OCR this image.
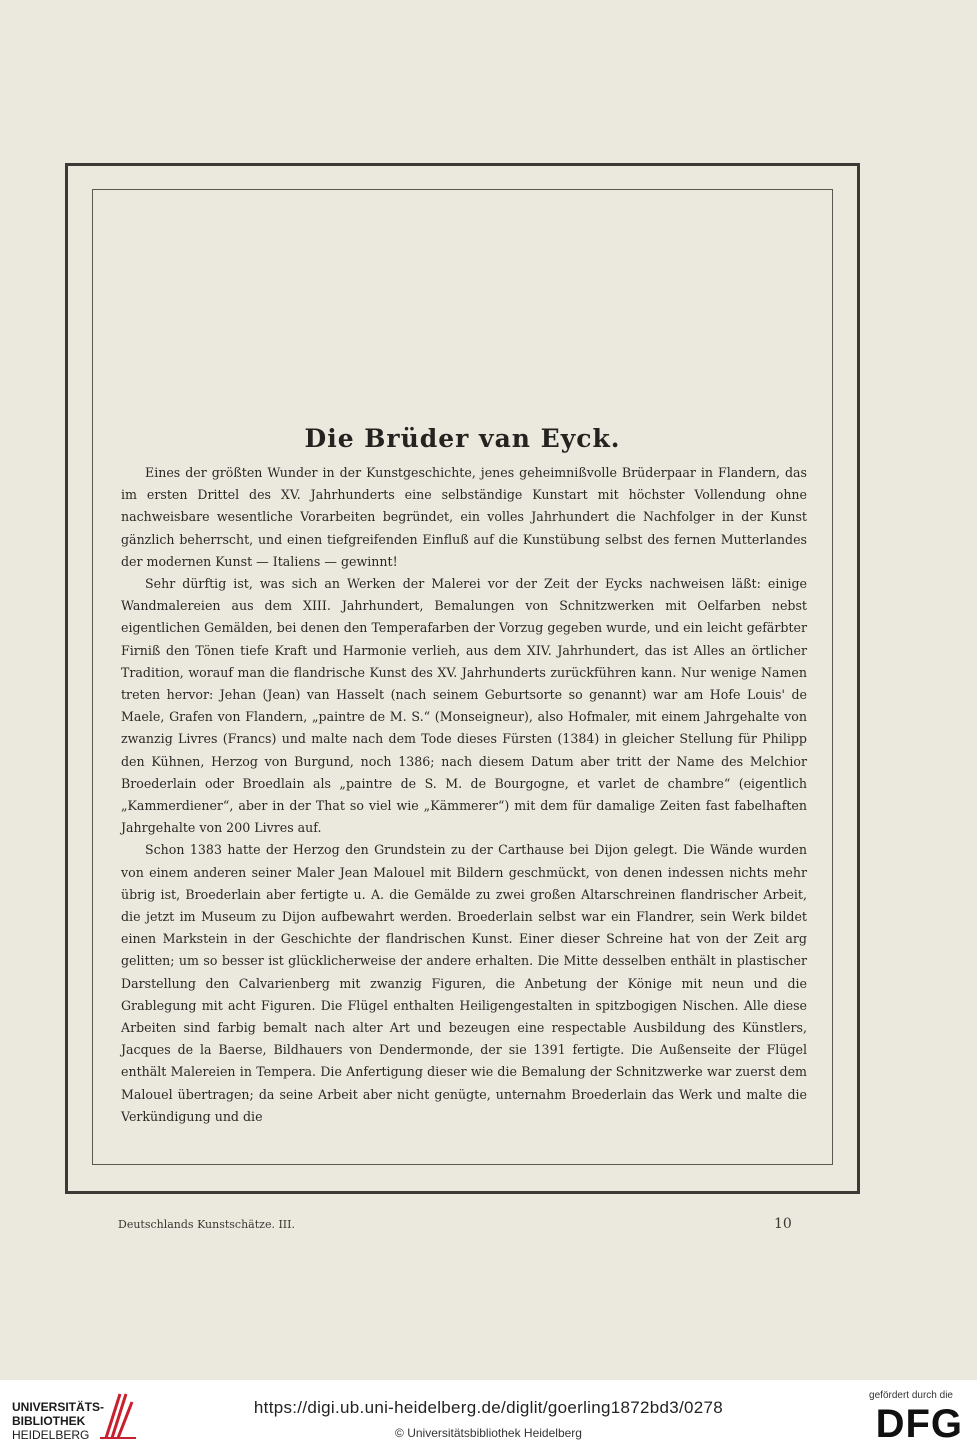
Die Brüder van Eyck.

Eines der größten Wunder in der Kunstgeschichte, jenes geheimnißvolle Brüderpaar in Flandern, das im ersten Drittel des XV. Jahrhunderts eine selbständige Kunstart mit höchster Vollendung ohne nachweisbare wesentliche Vorarbeiten begründet, ein volles Jahrhundert die Nachfolger in der Kunst gänzlich beherrscht, und einen tiefgreifenden Einfluß auf die Kunstübung selbst des fernen Mutterlandes der modernen Kunst — Italiens — gewinnt!

Sehr dürftig ist, was sich an Werken der Malerei vor der Zeit der Eycks nachweisen läßt: einige Wandmalereien aus dem XIII. Jahrhundert, Bemalungen von Schnitzwerken mit Oelfarben nebst eigentlichen Gemälden, bei denen den Temperafarben der Vorzug gegeben wurde, und ein leicht gefärbter Firniß den Tönen tiefe Kraft und Harmonie verlieh, aus dem XIV. Jahrhundert, das ist Alles an örtlicher Tradition, worauf man die flandrische Kunst des XV. Jahrhunderts zurückführen kann. Nur wenige Namen treten hervor: Jehan (Jean) van Hasselt (nach seinem Geburtsorte so genannt) war am Hofe Louis' de Maele, Grafen von Flandern, „paintre de M. S.“ (Monseigneur), also Hofmaler, mit einem Jahrgehalte von zwanzig Livres (Francs) und malte nach dem Tode dieses Fürsten (1384) in gleicher Stellung für Philipp den Kühnen, Herzog von Burgund, noch 1386; nach diesem Datum aber tritt der Name des Melchior Broederlain oder Broedlain als „paintre de S. M. de Bourgogne, et varlet de chambre“ (eigentlich „Kammerdiener“, aber in der That so viel wie „Kämmerer“) mit dem für damalige Zeiten fast fabelhaften Jahrgehalte von 200 Livres auf.

Schon 1383 hatte der Herzog den Grundstein zu der Carthause bei Dijon gelegt. Die Wände wurden von einem anderen seiner Maler Jean Malouel mit Bildern geschmückt, von denen indessen nichts mehr übrig ist, Broederlain aber fertigte u. A. die Gemälde zu zwei großen Altarschreinen flandrischer Arbeit, die jetzt im Museum zu Dijon aufbewahrt werden. Broederlain selbst war ein Flandrer, sein Werk bildet einen Markstein in der Geschichte der flandrischen Kunst. Einer dieser Schreine hat von der Zeit arg gelitten; um so besser ist glücklicherweise der andere erhalten. Die Mitte desselben enthält in plastischer Darstellung den Calvarienberg mit zwanzig Figuren, die Anbetung der Könige mit neun und die Grablegung mit acht Figuren. Die Flügel enthalten Heiligengestalten in spitzbogigen Nischen. Alle diese Arbeiten sind farbig bemalt nach alter Art und bezeugen eine respectable Ausbildung des Künstlers, Jacques de la Baerse, Bildhauers von Dendermonde, der sie 1391 fertigte. Die Außenseite der Flügel enthält Malereien in Tempera. Die Anfertigung dieser wie die Bemalung der Schnitzwerke war zuerst dem Malouel übertragen; da seine Arbeit aber nicht genügte, unternahm Broederlain das Werk und malte die Verkündigung und die

Deutschlands Kunstschätze. III.	10
UNIVERSITÄTS-
BIBLIOTHEK
HEIDELBERG
https://digi.ub.uni-heidelberg.de/diglit/goerling1872bd3/0278
© Universitätsbibliothek Heidelberg
gefördert durch die
DFG
